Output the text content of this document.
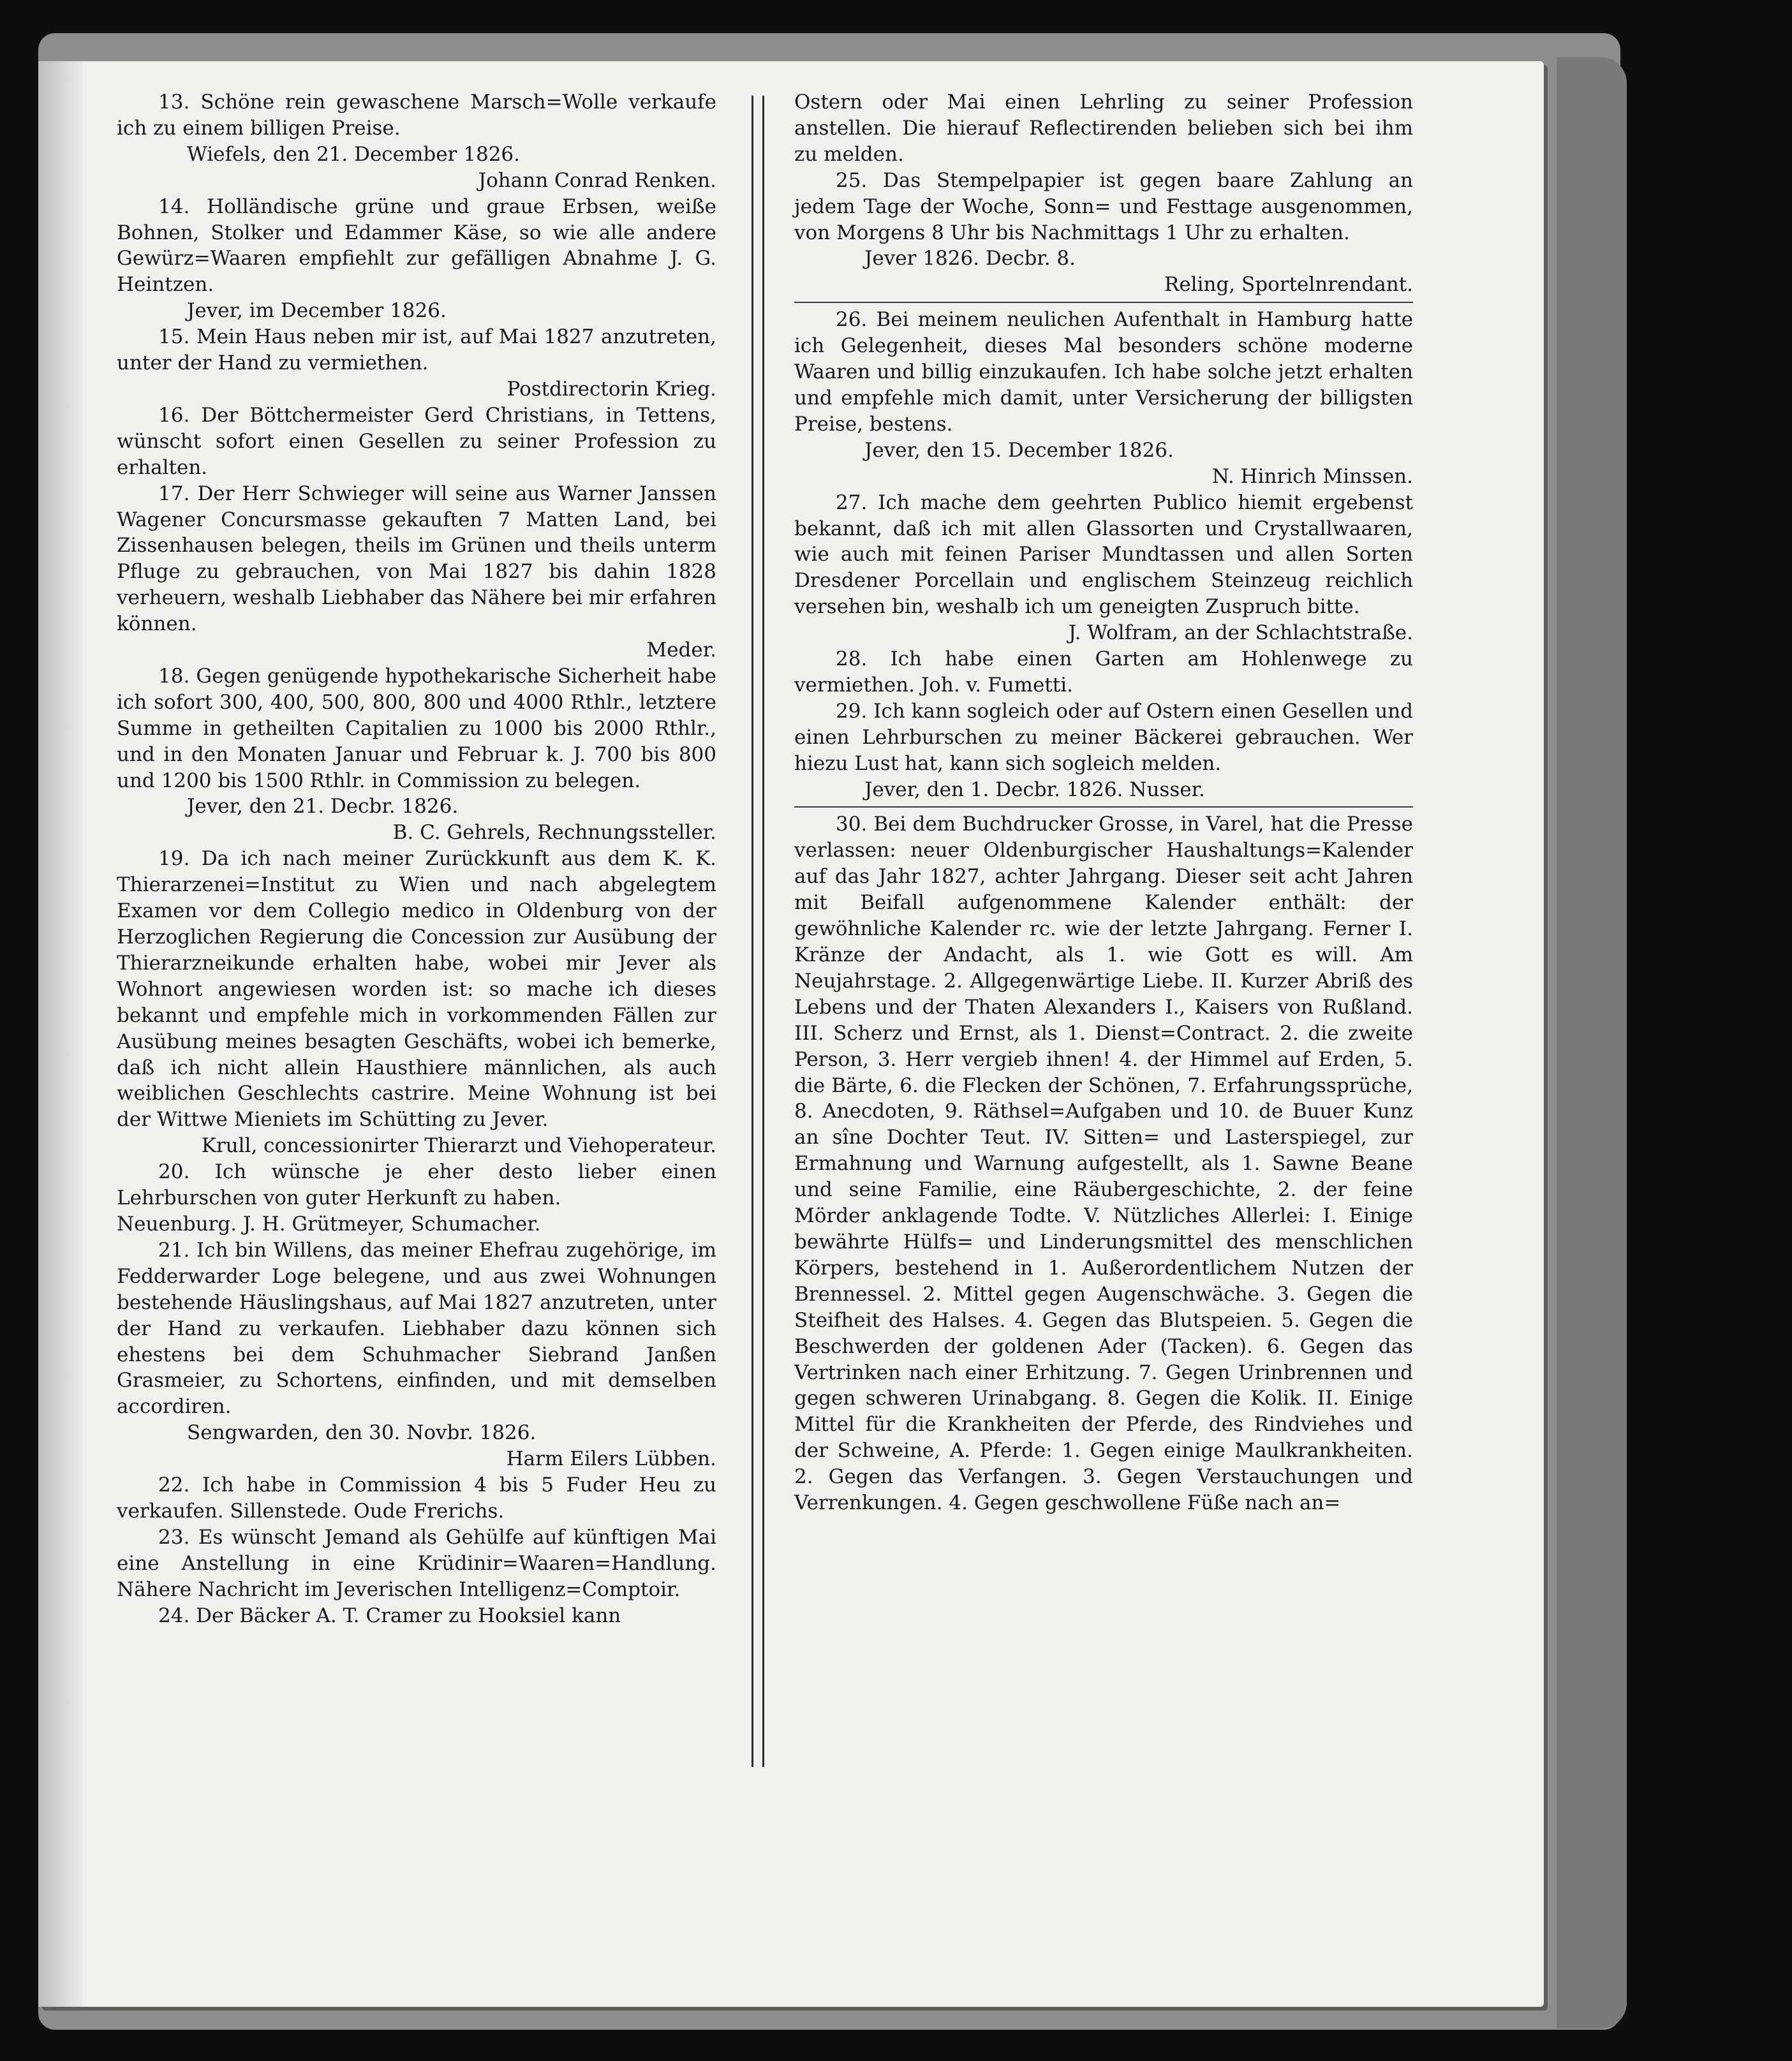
13. Schöne rein gewaschene Marsch=Wolle verkaufe ich zu einem billigen Preise.

Wiefels, den 21. December 1826.

Johann Conrad Renken.

14. Holländische grüne und graue Erbsen, weiße Bohnen, Stolker und Edammer Käse, so wie alle andere Gewürz=Waaren empfiehlt zur gefälligen Abnahme J. G. Heintzen.

Jever, im December 1826.

15. Mein Haus neben mir ist, auf Mai 1827 anzutreten, unter der Hand zu vermiethen.

Postdirectorin Krieg.

16. Der Böttchermeister Gerd Christians, in Tettens, wünscht sofort einen Gesellen zu seiner Profession zu erhalten.

17. Der Herr Schwieger will seine aus Warner Janssen Wagener Concursmasse gekauften 7 Matten Land, bei Zissenhausen belegen, theils im Grünen und theils unterm Pfluge zu gebrauchen, von Mai 1827 bis dahin 1828 verheuern, weshalb Liebhaber das Nähere bei mir erfahren können.

Meder.

18. Gegen genügende hypothekarische Sicherheit habe ich sofort 300, 400, 500, 800, 800 und 4000 Rthlr., letztere Summe in getheilten Capitalien zu 1000 bis 2000 Rthlr., und in den Monaten Januar und Februar k. J. 700 bis 800 und 1200 bis 1500 Rthlr. in Commission zu belegen.

Jever, den 21. Decbr. 1826.

B. C. Gehrels, Rechnungssteller.

19. Da ich nach meiner Zurückkunft aus dem K. K. Thierarzenei=Institut zu Wien und nach abgelegtem Examen vor dem Collegio medico in Oldenburg von der Herzoglichen Regierung die Concession zur Ausübung der Thierarzneikunde erhalten habe, wobei mir Jever als Wohnort angewiesen worden ist: so mache ich dieses bekannt und empfehle mich in vorkommenden Fällen zur Ausübung meines besagten Geschäfts, wobei ich bemerke, daß ich nicht allein Hausthiere männlichen, als auch weiblichen Geschlechts castrire. Meine Wohnung ist bei der Wittwe Mieniets im Schütting zu Jever.

Krull, concessionirter Thierarzt und Viehoperateur.

20. Ich wünsche je eher desto lieber einen Lehrburschen von guter Herkunft zu haben.

Neuenburg. J. H. Grütmeyer, Schumacher.

21. Ich bin Willens, das meiner Ehefrau zugehörige, im Fedderwarder Loge belegene, und aus zwei Wohnungen bestehende Häuslingshaus, auf Mai 1827 anzutreten, unter der Hand zu verkaufen. Liebhaber dazu können sich ehestens bei dem Schuhmacher Siebrand Janßen Grasmeier, zu Schortens, einfinden, und mit demselben accordiren.

Sengwarden, den 30. Novbr. 1826.

Harm Eilers Lübben.

22. Ich habe in Commission 4 bis 5 Fuder Heu zu verkaufen. Sillenstede. Oude Frerichs.

23. Es wünscht Jemand als Gehülfe auf künftigen Mai eine Anstellung in eine Krüdinir=Waaren=Handlung. Nähere Nachricht im Jeverischen Intelligenz=Comptoir.

24. Der Bäcker A. T. Cramer zu Hooksiel kann

Ostern oder Mai einen Lehrling zu seiner Profession anstellen. Die hierauf Reflectirenden belieben sich bei ihm zu melden.

25. Das Stempelpapier ist gegen baare Zahlung an jedem Tage der Woche, Sonn= und Festtage ausgenommen, von Morgens 8 Uhr bis Nachmittags 1 Uhr zu erhalten.

Jever 1826. Decbr. 8.

Reling, Sportelnrendant.

26. Bei meinem neulichen Aufenthalt in Hamburg hatte ich Gelegenheit, dieses Mal besonders schöne moderne Waaren und billig einzukaufen. Ich habe solche jetzt erhalten und empfehle mich damit, unter Versicherung der billigsten Preise, bestens.

Jever, den 15. December 1826.

N. Hinrich Minssen.

27. Ich mache dem geehrten Publico hiemit ergebenst bekannt, daß ich mit allen Glassorten und Crystallwaaren, wie auch mit feinen Pariser Mundtassen und allen Sorten Dresdener Porcellain und englischem Steinzeug reichlich versehen bin, weshalb ich um geneigten Zuspruch bitte.

J. Wolfram, an der Schlachtstraße.

28. Ich habe einen Garten am Hohlenwege zu vermiethen. Joh. v. Fumetti.

29. Ich kann sogleich oder auf Ostern einen Gesellen und einen Lehrburschen zu meiner Bäckerei gebrauchen. Wer hiezu Lust hat, kann sich sogleich melden.

Jever, den 1. Decbr. 1826. Nusser.

30. Bei dem Buchdrucker Grosse, in Varel, hat die Presse verlassen: neuer Oldenburgischer Haushaltungs=Kalender auf das Jahr 1827, achter Jahrgang. Dieser seit acht Jahren mit Beifall aufgenommene Kalender enthält: der gewöhnliche Kalender rc. wie der letzte Jahrgang. Ferner I. Kränze der Andacht, als 1. wie Gott es will. Am Neujahrstage. 2. Allgegenwärtige Liebe. II. Kurzer Abriß des Lebens und der Thaten Alexanders I., Kaisers von Rußland. III. Scherz und Ernst, als 1. Dienst=Contract. 2. die zweite Person, 3. Herr vergieb ihnen! 4. der Himmel auf Erden, 5. die Bärte, 6. die Flecken der Schönen, 7. Erfahrungssprüche, 8. Anecdoten, 9. Räthsel=Aufgaben und 10. de Buuer Kunz an sîne Dochter Teut. IV. Sitten= und Lasterspiegel, zur Ermahnung und Warnung aufgestellt, als 1. Sawne Beane und seine Familie, eine Räubergeschichte, 2. der feine Mörder anklagende Todte. V. Nützliches Allerlei: I. Einige bewährte Hülfs= und Linderungsmittel des menschlichen Körpers, bestehend in 1. Außerordentlichem Nutzen der Brennessel. 2. Mittel gegen Augenschwäche. 3. Gegen die Steifheit des Halses. 4. Gegen das Blutspeien. 5. Gegen die Beschwerden der goldenen Ader (Tacken). 6. Gegen das Vertrinken nach einer Erhitzung. 7. Gegen Urinbrennen und gegen schweren Urinabgang. 8. Gegen die Kolik. II. Einige Mittel für die Krankheiten der Pferde, des Rindviehes und der Schweine, A. Pferde: 1. Gegen einige Maulkrankheiten. 2. Gegen das Verfangen. 3. Gegen Verstauchungen und Verrenkungen. 4. Gegen geschwollene Füße nach an=
